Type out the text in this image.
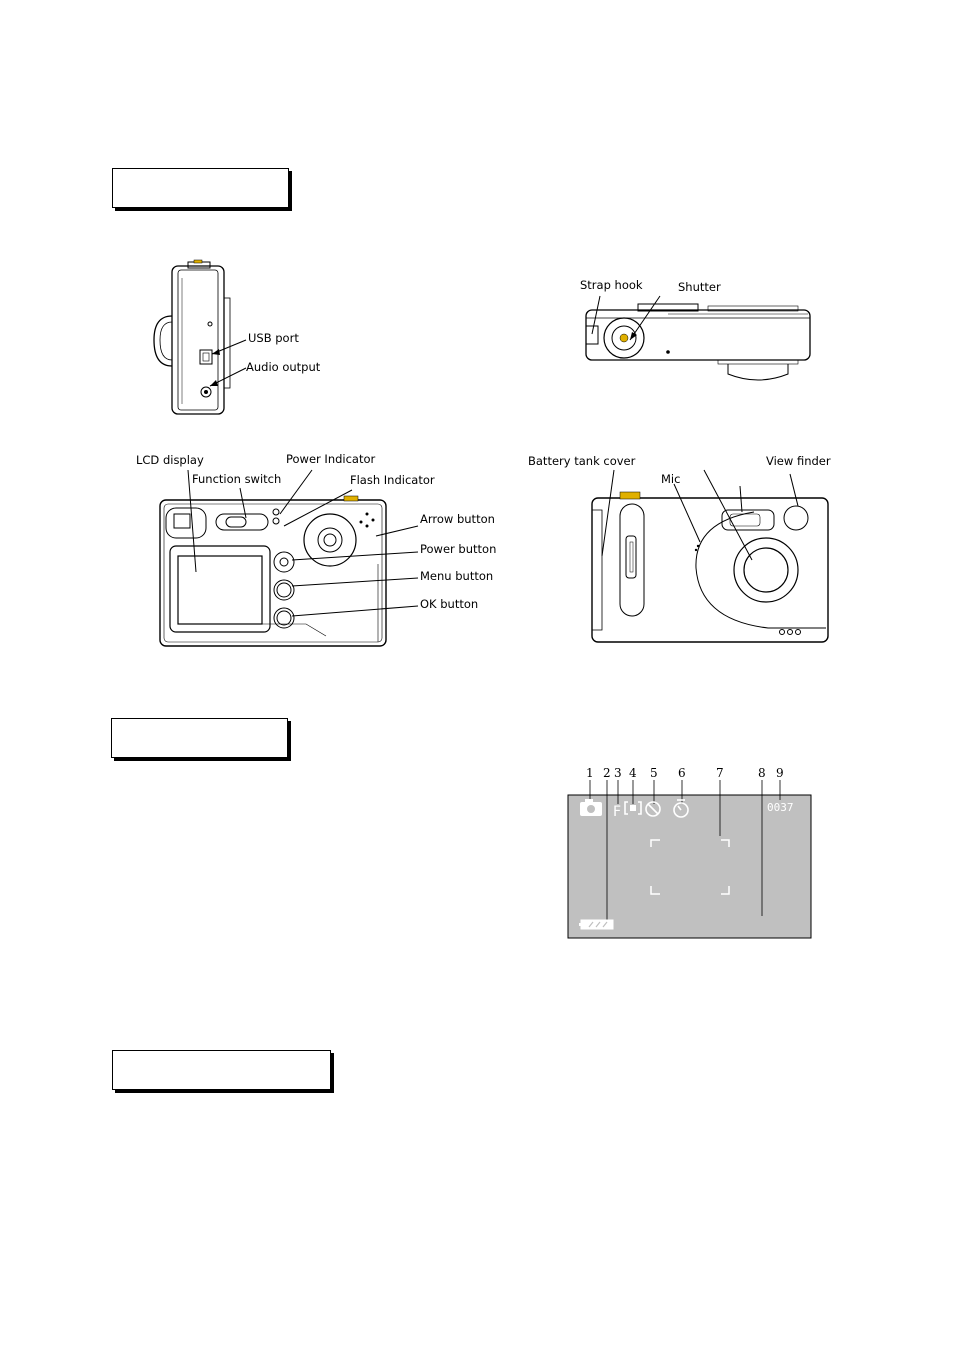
USB port
Audio output
Strap hook	Shutter
LCD display
Function switch
Power Indicator
Flash Indicator
Arrow button
Power button
Menu button
OK button
Battery tank cover
Mic
View finder
1 2 3 4 5 6	7	8 9
F	0037
